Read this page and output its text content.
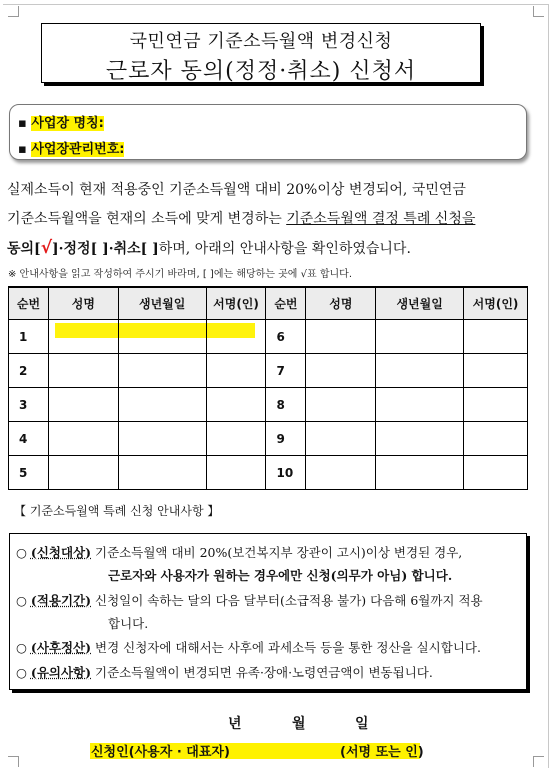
국민연금 기준소득월액 변경신청
근로자 동의(정정·취소) 신청서
▪ 사업장 명칭:
▪ 사업장관리번호:
실제소득이 현재 적용중인 기준소득월액 대비 20%이상 변경되어, 국민연금
기준소득월액을 현재의 소득에 맞게 변경하는 기준소득월액 결정 특례 신청을
동의[√]·정정[ ]·취소[ ]하며, 아래의 안내사항을 확인하였습니다.
※ 안내사항을 읽고 작성하여 주시기 바라며, [ ]에는 해당하는 곳에 √표 합니다.
순번	성명	생년월일	서명(인)	순번	성명	생년월일	서명(인)
1				6			
2				7			
3				8			
4				9			
5				10			
【 기준소득월액 특례 신청 안내사항 】
○ (신청대상) 기준소득월액 대비 20%(보건복지부 장관이 고시)이상 변경된 경우,
근로자와 사용자가 원하는 경우에만 신청(의무가 아님) 합니다.
○ (적용기간) 신청일이 속하는 달의 다음 달부터(소급적용 불가) 다음해 6월까지 적용
합니다.
○ (사후정산) 변경 신청자에 대해서는 사후에 과세소득 등을 통한 정산을 실시합니다.
○ (유의사항) 기준소득월액이 변경되면 유족·장애·노령연금액이 변동됩니다.
년	월	일
신청인(사용자 · 대표자)	(서명 또는 인)
